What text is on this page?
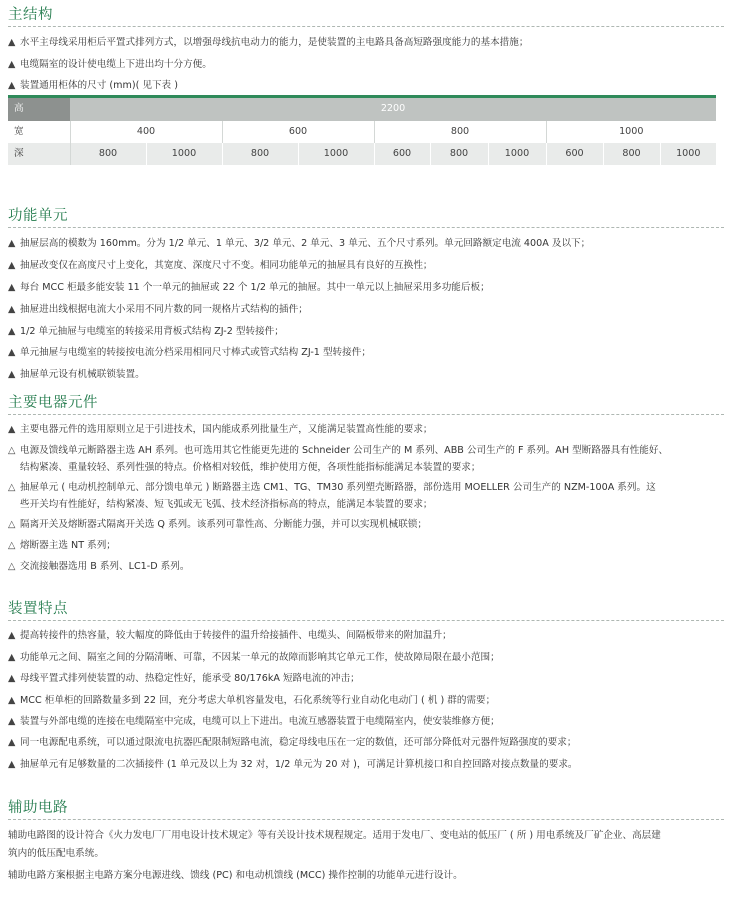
主结构
▲ 水平主母线采用柜后平置式排列方式，以增强母线抗电动力的能力，是使装置的主电路具备高短路强度能力的基本措施；
▲ 电缆隔室的设计使电缆上下进出均十分方便。
▲ 装置通用柜体的尺寸 (mm)( 见下表 )
高	2200									
宽	400		600		800			1000		
深	800	1000	800	1000	600	800	1000	600	800	1000
功能单元
▲ 抽屉层高的模数为 160mm。分为 1/2 单元、1 单元、3/2 单元、2 单元、3 单元、五个尺寸系列。单元回路额定电流 400A 及以下；
▲ 抽屉改变仅在高度尺寸上变化，其宽度、深度尺寸不变。相同功能单元的抽屉具有良好的互换性；
▲ 每台 MCC 柜最多能安装 11 个一单元的抽屉或 22 个 1/2 单元的抽屉。其中一单元以上抽屉采用多功能后板；
▲ 抽屉进出线根据电流大小采用不同片数的同一规格片式结构的插件；
▲ 1/2 单元抽屉与电缆室的转接采用背板式结构 ZJ-2 型转接件；
▲ 单元抽屉与电缆室的转接按电流分档采用相同尺寸棒式或管式结构 ZJ-1 型转接件；
▲ 抽屉单元设有机械联锁装置。
主要电器元件
▲ 主要电器元件的选用原则立足于引进技术，国内能成系列批量生产，又能满足装置高性能的要求；
△ 电源及馈线单元断路器主选 AH 系列。也可选用其它性能更先进的 Schneider 公司生产的 M 系列、ABB 公司生产的 F 系列。AH 型断路器具有性能好、
结构紧凑、重量较轻、系列性强的特点。价格相对较低，维护使用方便，各项性能指标能满足本装置的要求；
△ 抽屉单元 ( 电动机控制单元、部分馈电单元 ) 断路器主选 CM1、TG、TM30 系列塑壳断路器，部份选用 MOELLER 公司生产的 NZM-100A 系列。这
些开关均有性能好，结构紧凑、短飞弧或无飞弧、技术经济指标高的特点，能满足本装置的要求；
△ 隔离开关及熔断器式隔离开关选 Q 系列。该系列可靠性高、分断能力强，并可以实现机械联锁；
△ 熔断器主选 NT 系列；
△ 交流接触器选用 B 系列、LC1-D 系列。
装置特点
▲ 提高转接件的热容量，较大幅度的降低由于转接件的温升给接插件、电缆头、间隔板带来的附加温升；
▲ 功能单元之间、隔室之间的分隔清晰、可靠，不因某一单元的故障而影响其它单元工作，使故障局限在最小范围；
▲ 母线平置式排列使装置的动、热稳定性好，能承受 80/176kA 短路电流的冲击；
▲ MCC 柜单柜的回路数量多到 22 回，充分考虑大单机容量发电，石化系统等行业自动化电动门 ( 机 ) 群的需要；
▲ 装置与外部电缆的连接在电缆隔室中完成，电缆可以上下进出。电流互感器装置于电缆隔室内，使安装维修方便；
▲ 同一电源配电系统，可以通过限流电抗器匹配限制短路电流，稳定母线电压在一定的数值，还可部分降低对元器件短路强度的要求；
▲ 抽屉单元有足够数量的二次插接件 (1 单元及以上为 32 对，1/2 单元为 20 对 )，可满足计算机接口和自控回路对接点数量的要求。
辅助电路
辅助电路图的设计符合《火力发电厂厂用电设计技术规定》等有关设计技术规程规定。适用于发电厂、变电站的低压厂 ( 所 ) 用电系统及厂矿企业、高层建
筑内的低压配电系统。
辅助电路方案根据主电路方案分电源进线、馈线 (PC) 和电动机馈线 (MCC) 操作控制的功能单元进行设计。
